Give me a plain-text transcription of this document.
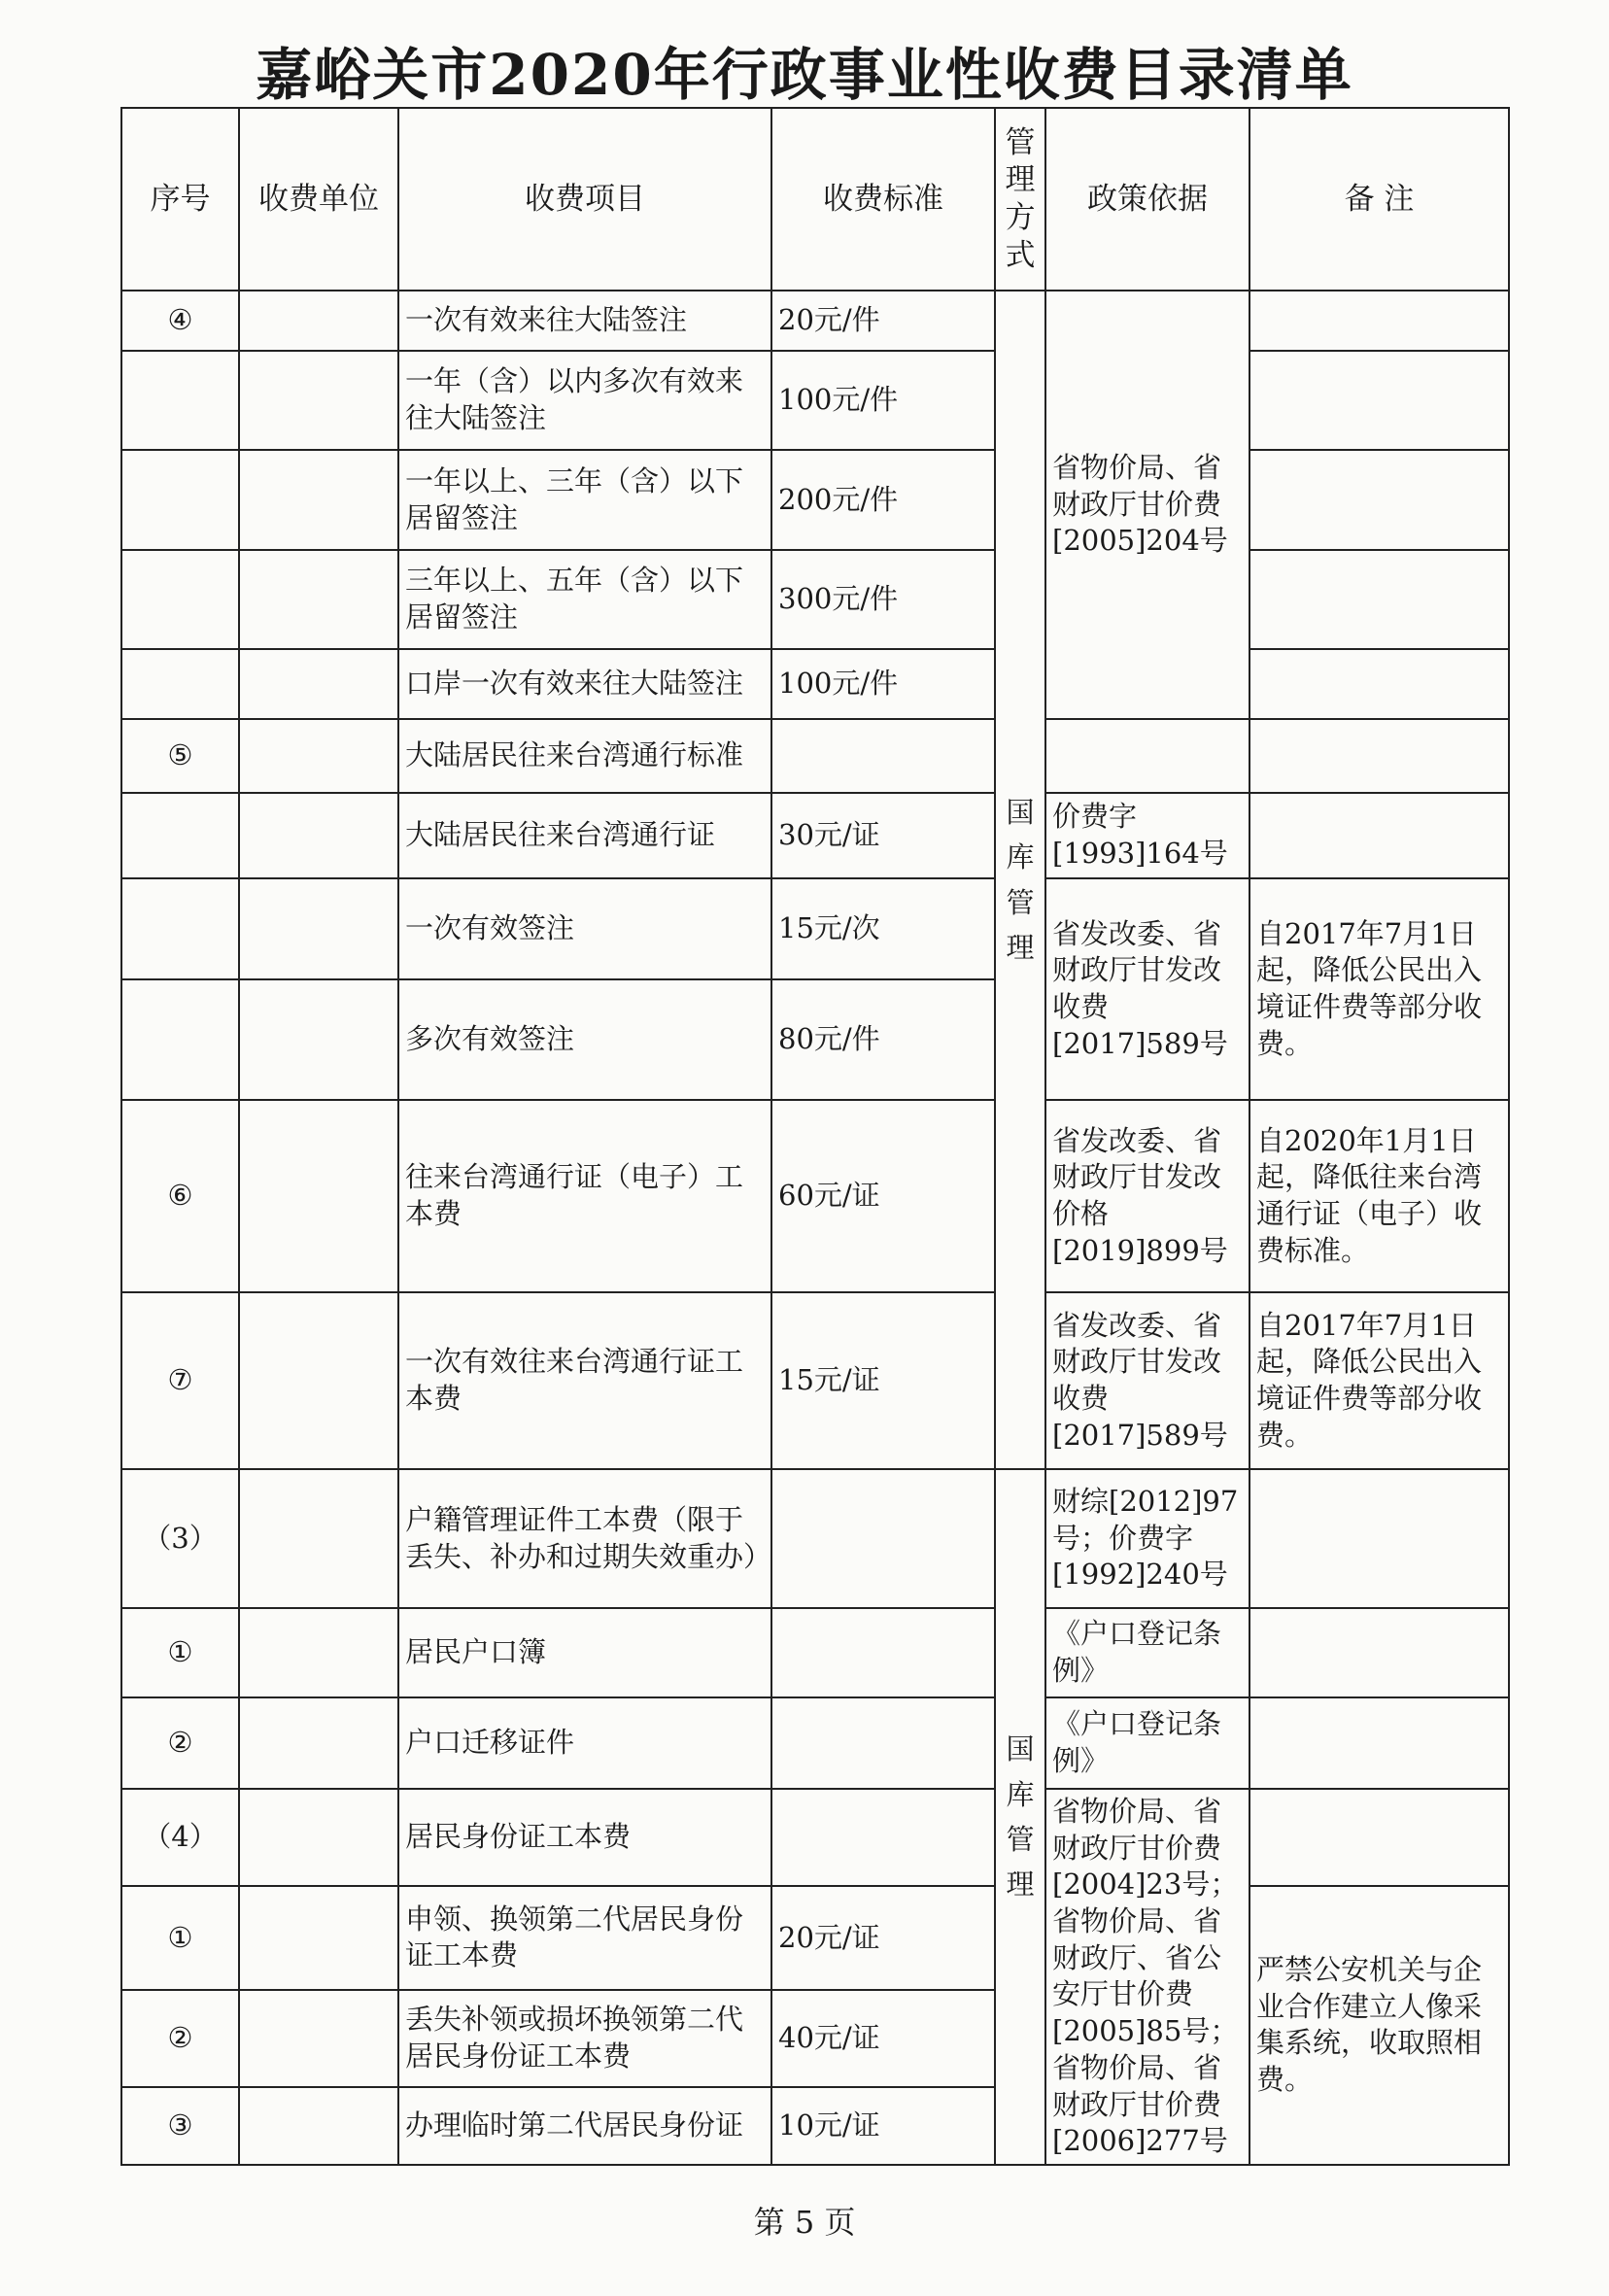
嘉峪关市2020年行政事业性收费目录清单
序号	收费单位	收费项目	收费标准	管理方式	政策依据	备 注
④		一次有效来往大陆签注	20元/件	国库管理	省物价局、省财政厅甘价费[2005]204号	
		一年（含）以内多次有效来往大陆签注	100元/件			
		一年以上、三年（含）以下居留签注	200元/件			
		三年以上、五年（含）以下居留签注	300元/件			
		口岸一次有效来往大陆签注	100元/件			
⑤		大陆居民往来台湾通行标准				
		大陆居民往来台湾通行证	30元/证		价费字[1993]164号	
		一次有效签注	15元/次		省发改委、省财政厅甘发改收费[2017]589号	自2017年7月1日起，降低公民出入境证件费等部分收费。
		多次有效签注	80元/件			
⑥		往来台湾通行证（电子）工本费	60元/证		省发改委、省财政厅甘发改价格[2019]899号	自2020年1月1日起，降低往来台湾通行证（电子）收费标准。
⑦		一次有效往来台湾通行证工本费	15元/证		省发改委、省财政厅甘发改收费[2017]589号	自2017年7月1日起，降低公民出入境证件费等部分收费。
（3）		户籍管理证件工本费（限于丢失、补办和过期失效重办）		国库管理	财综[2012]97号；价费字[1992]240号	
①		居民户口簿			《户口登记条例》	
②		户口迁移证件			《户口登记条例》	
（4）		居民身份证工本费			省物价局、省财政厅甘价费[2004]23号；省物价局、省财政厅、省公安厅甘价费[2005]85号；省物价局、省财政厅甘价费[2006]277号	
①		申领、换领第二代居民身份证工本费	20元/证			严禁公安机关与企业合作建立人像采集系统，收取照相费。
②		丢失补领或损坏换领第二代居民身份证工本费	40元/证			
③		办理临时第二代居民身份证	10元/证			
第 5 页
